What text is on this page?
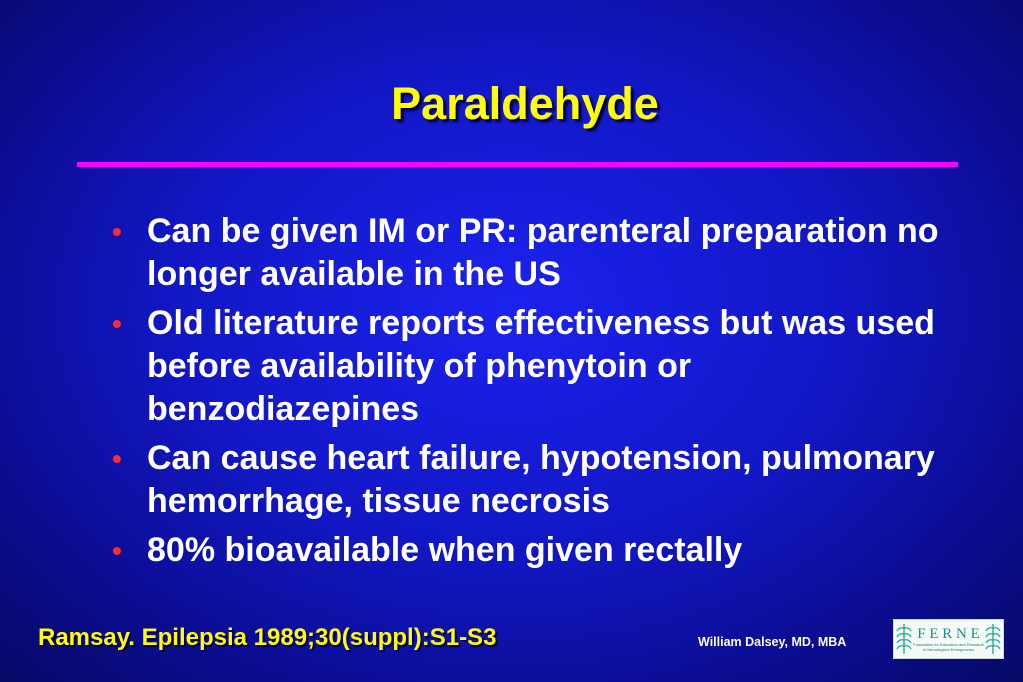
Paraldehyde
• Can be given IM or PR: parenteral preparation no longer available in the US
• Old literature reports effectiveness but was used before availability of phenytoin or benzodiazepines
• Can cause heart failure, hypotension, pulmonary hemorrhage, tissue necrosis
• 80% bioavailable when given rectally
Ramsay. Epilepsia 1989;30(suppl):S1-S3	William Dalsey, MD, MBA	F E R N E
Foundation for Education and Research
in Neurological Emergencies
